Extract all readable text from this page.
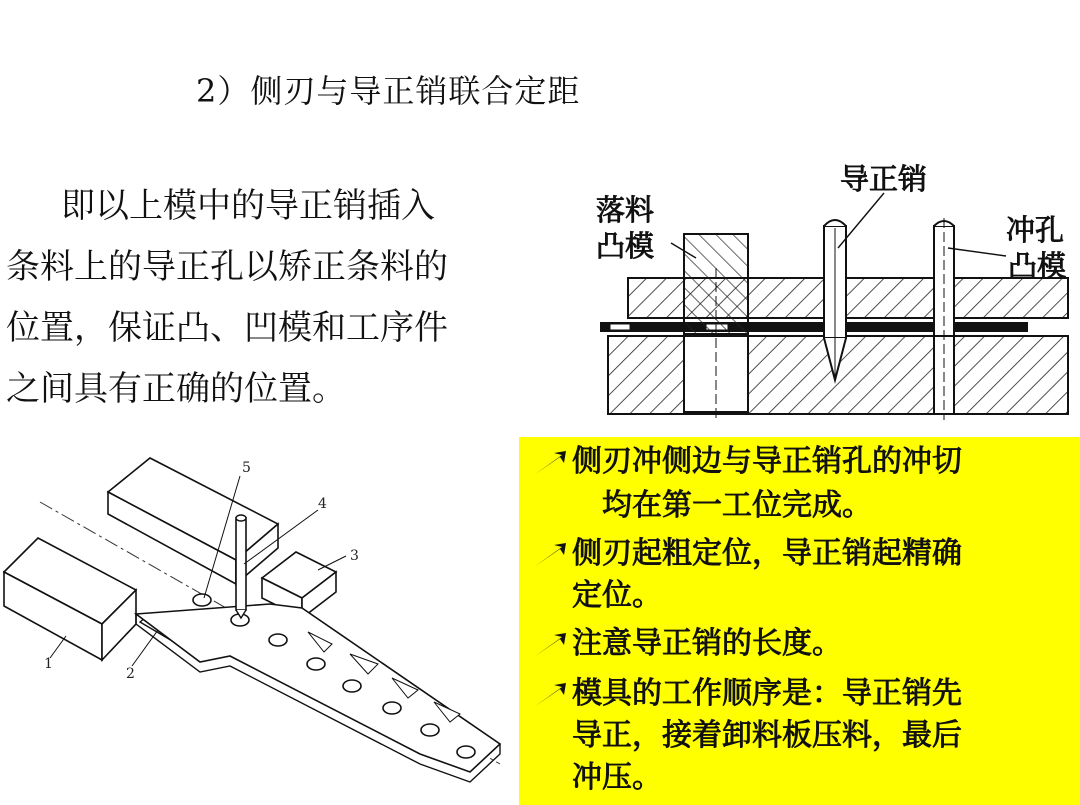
2）侧刃与导正销联合定距
即以上模中的导正销插入
条料上的导正孔以矫正条料的
位置，保证凸、凹模和工序件
之间具有正确的位置。
落料
凸模
导正销
冲孔
凸模
1
2
3
4
5	侧刃冲侧边与导正销孔的冲切
均在第一工位完成。
侧刃起粗定位，导正销起精确
定位。
注意导正销的长度。
模具的工作顺序是：导正销先
导正，接着卸料板压料，最后
冲压。
